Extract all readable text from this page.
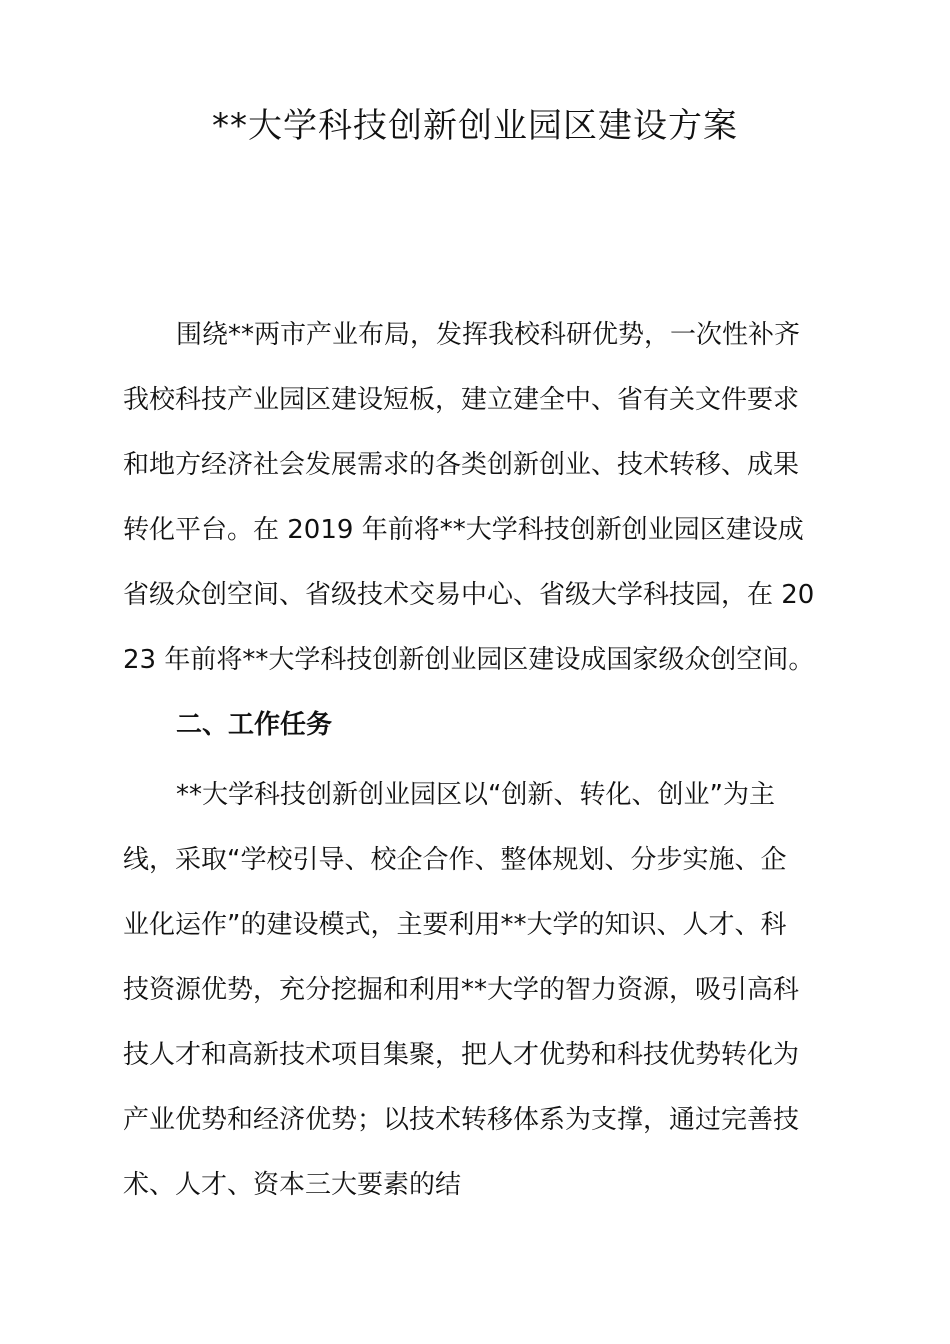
**大学科技创新创业园区建设方案
围绕**两市产业布局，发挥我校科研优势，一次性补齐
我校科技产业园区建设短板，建立建全中、省有关文件要求
和地方经济社会发展需求的各类创新创业、技术转移、成果
转化平台。在 2019 年前将**大学科技创新创业园区建设成
省级众创空间、省级技术交易中心、省级大学科技园，在 20
23 年前将**大学科技创新创业园区建设成国家级众创空间。
二、工作任务
**大学科技创新创业园区以“创新、转化、创业”为主
线，采取“学校引导、校企合作、整体规划、分步实施、企
业化运作”的建设模式，主要利用**大学的知识、人才、科
技资源优势，充分挖掘和利用**大学的智力资源，吸引高科
技人才和高新技术项目集聚，把人才优势和科技优势转化为
产业优势和经济优势；以技术转移体系为支撑，通过完善技
术、人才、资本三大要素的结
